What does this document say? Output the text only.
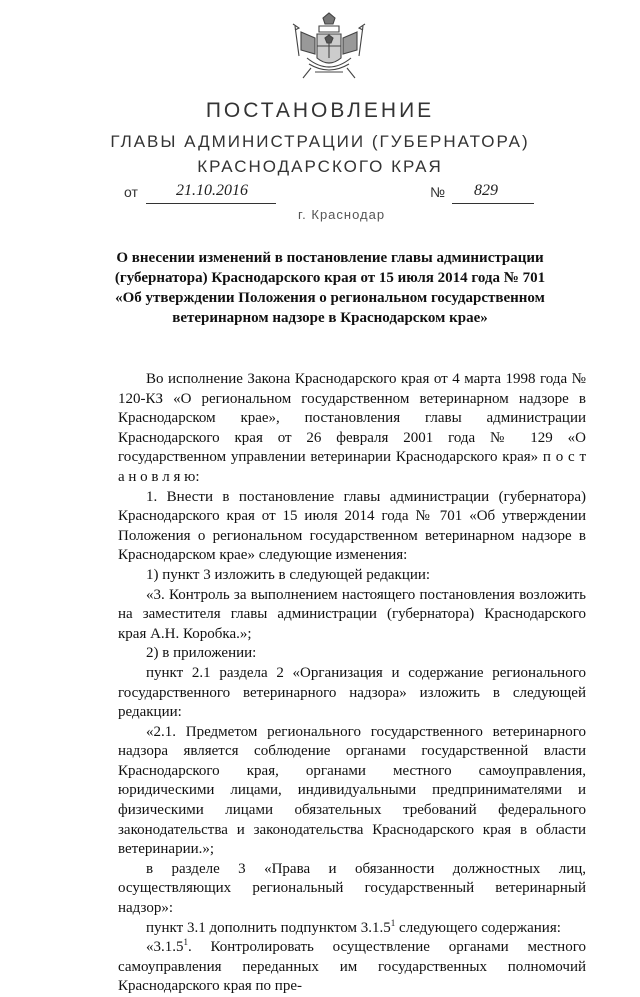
ПОСТАНОВЛЕНИЕ
ГЛАВЫ АДМИНИСТРАЦИИ (ГУБЕРНАТОРА)
КРАСНОДАРСКОГО КРАЯ
от 21.10.2016	№ 829
г. Краснодар
О внесении изменений в постановление главы администрации (губернатора) Краснодарского края от 15 июля 2014 года № 701 «Об утверждении Положения о региональном государственном ветеринарном надзоре в Краснодарском крае»

Во исполнение Закона Краснодарского края от 4 марта 1998 года № 120-КЗ «О региональном государственном ветеринарном надзоре в Краснодарском крае», постановления главы администрации Краснодарского края от 26 февраля 2001 года № 129 «О государственном управлении ветеринарии Краснодарского края» п о с т а н о в л я ю:

1. Внести в постановление главы администрации (губернатора) Краснодарского края от 15 июля 2014 года № 701 «Об утверждении Положения о региональном государственном ветеринарном надзоре в Краснодарском крае» следующие изменения:

1) пункт 3 изложить в следующей редакции:

«3. Контроль за выполнением настоящего постановления возложить на заместителя главы администрации (губернатора) Краснодарского края А.Н. Коробка.»;

2) в приложении:

пункт 2.1 раздела 2 «Организация и содержание регионального государственного ветеринарного надзора» изложить в следующей редакции:

«2.1. Предметом регионального государственного ветеринарного надзора является соблюдение органами государственной власти Краснодарского края, органами местного самоуправления, юридическими лицами, индивидуальными предпринимателями и физическими лицами обязательных требований федерального законодательства и законодательства Краснодарского края в области ветеринарии.»;

в разделе 3 «Права и обязанности должностных лиц, осуществляющих региональный государственный ветеринарный надзор»:

пункт 3.1 дополнить подпунктом 3.1.5$^1$ следующего содержания:

«3.1.5$^1$. Контролировать осуществление органами местного самоуправления переданных им государственных полномочий Краснодарского края по пре-
